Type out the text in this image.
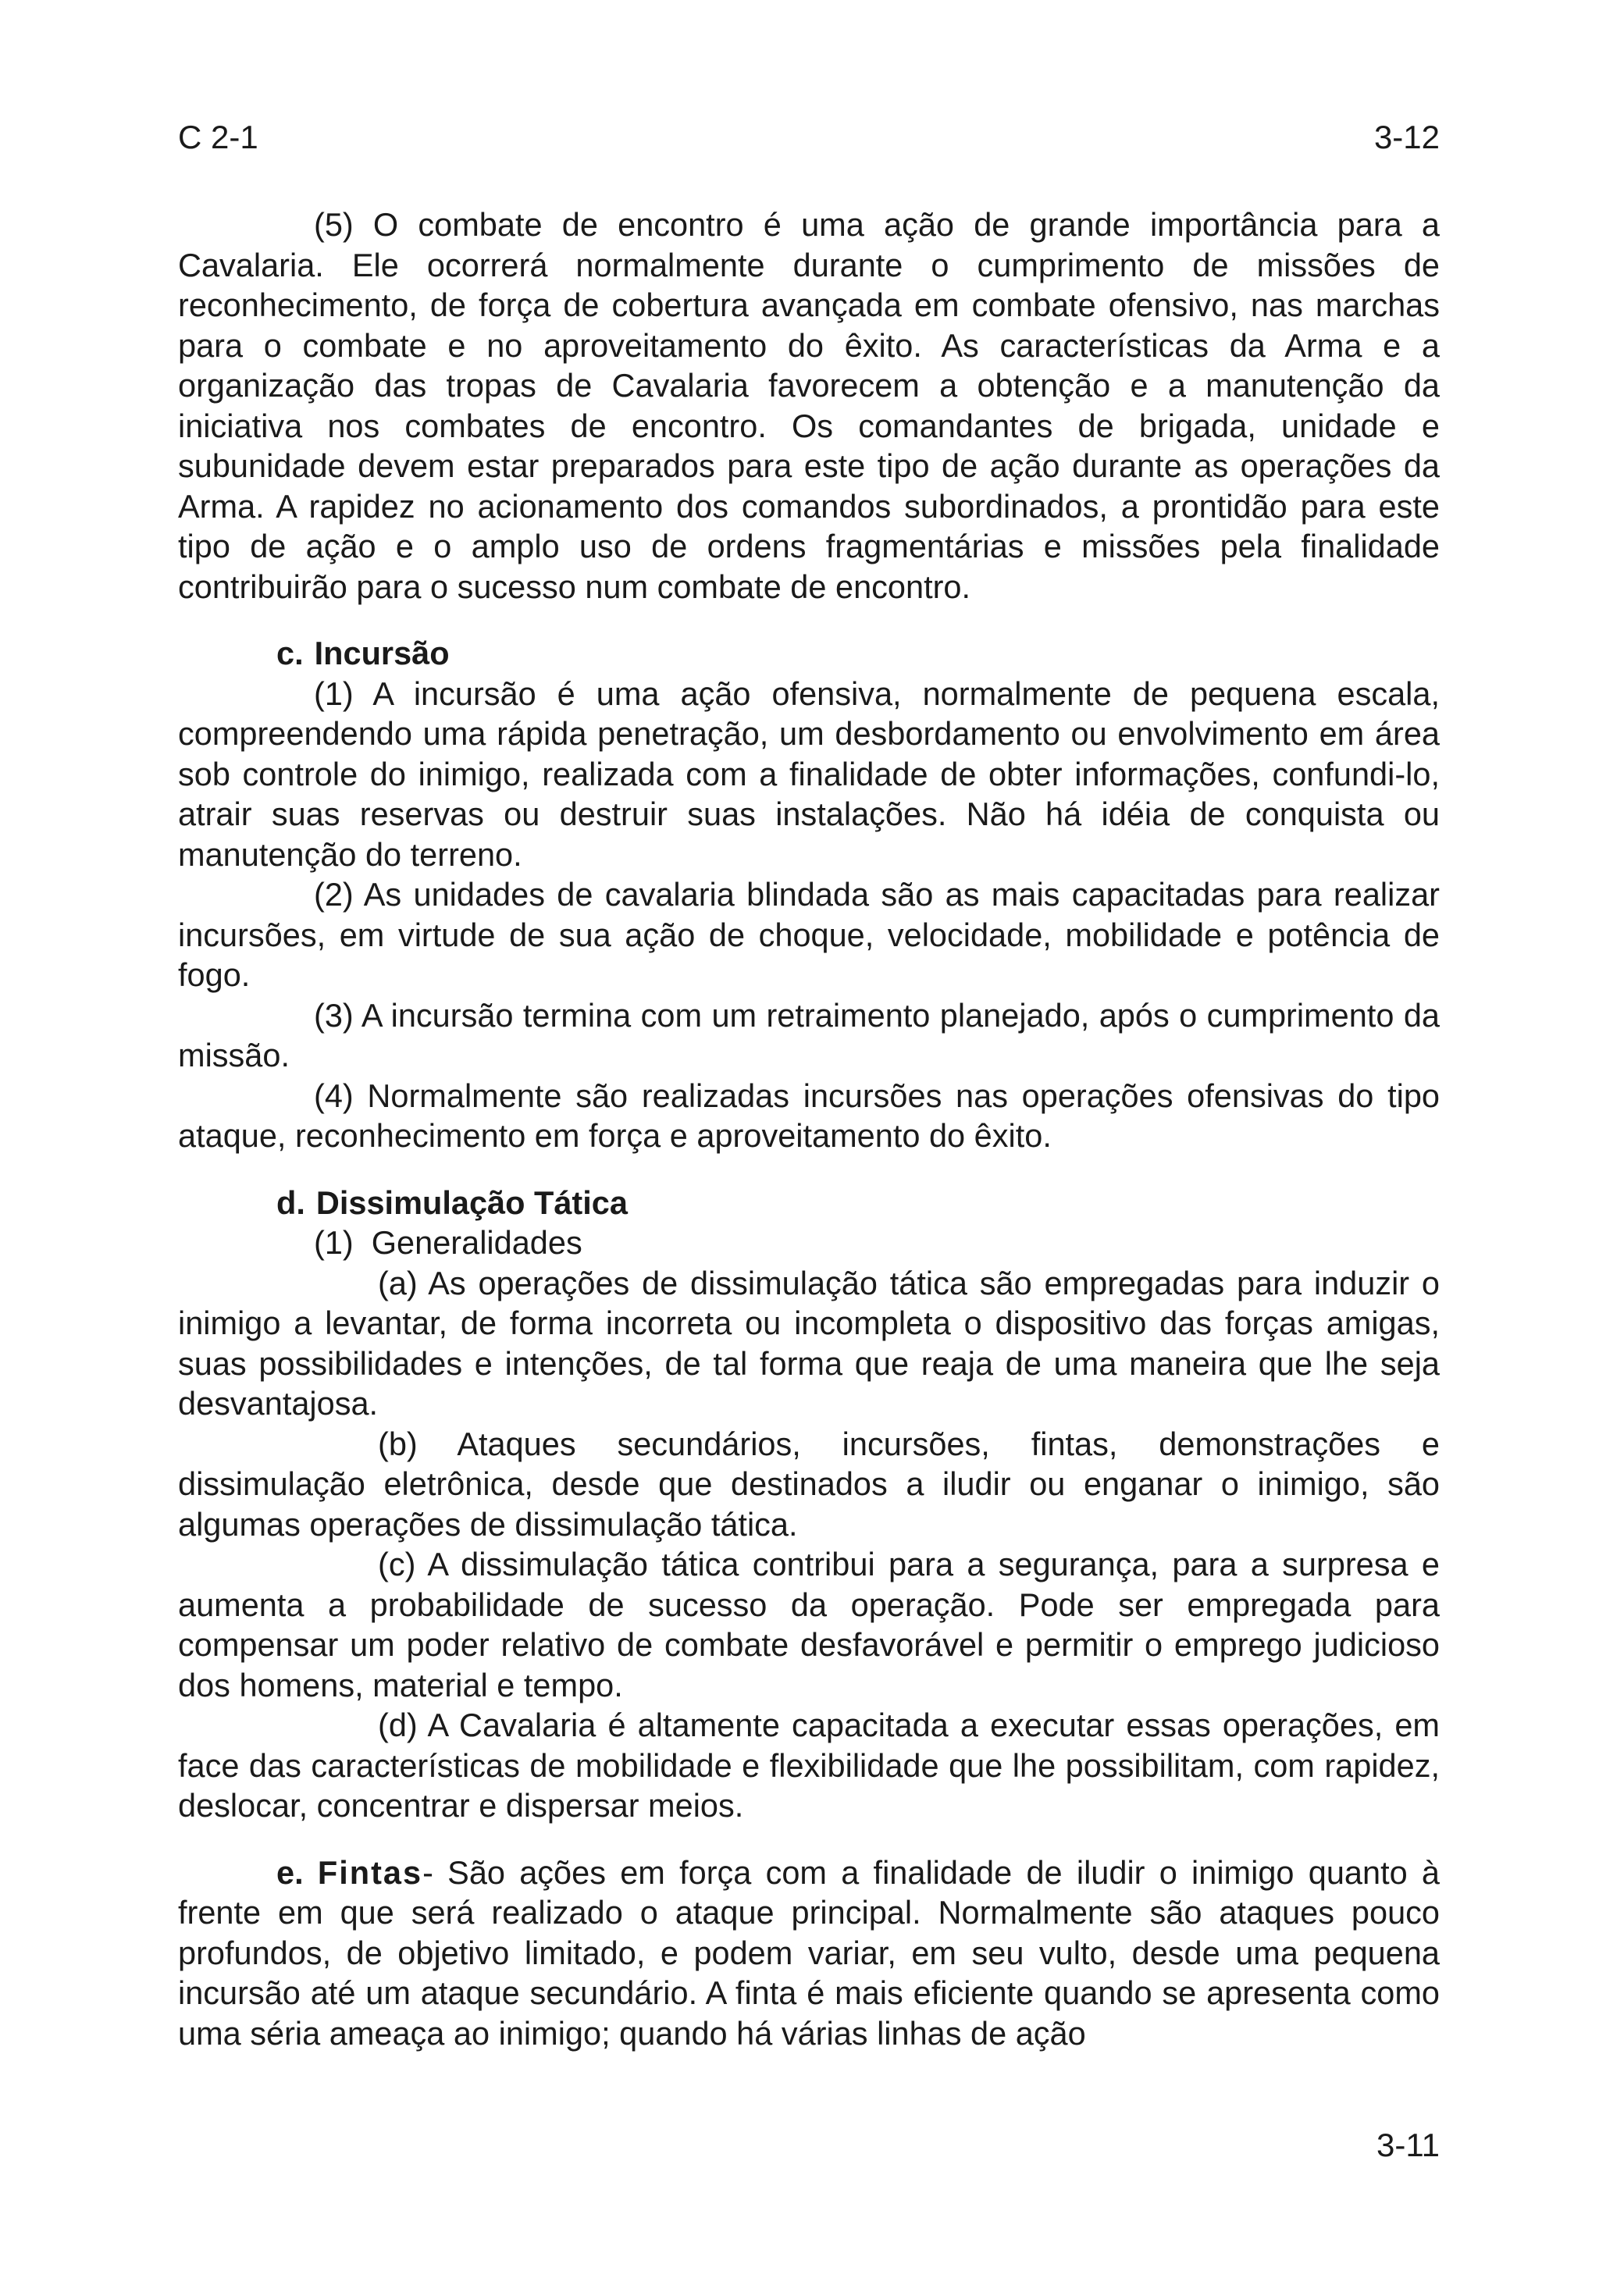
C 2-1	3-12

(5) O combate de encontro é uma ação de grande importância para a Cavalaria. Ele ocorrerá normalmente durante o cumprimento de missões de reconhecimento, de força de cobertura avançada em combate ofensivo, nas marchas para o combate e no aproveitamento do êxito. As características da Arma e a organização das tropas de Cavalaria favorecem a obtenção e a manutenção da iniciativa nos combates de encontro. Os comandantes de brigada, unidade e subunidade devem estar preparados para este tipo de ação durante as operações da Arma. A rapidez no acionamento dos comandos subordinados, a prontidão para este tipo de ação e o amplo uso de ordens fragmentárias e missões pela finalidade contribuirão para o sucesso num combate de encontro.

c. Incursão

(1) A incursão é uma ação ofensiva, normalmente de pequena escala, compreendendo uma rápida penetração, um desbordamento ou envolvimento em área sob controle do inimigo, realizada com a finalidade de obter informações, confundi-lo, atrair suas reservas ou destruir suas instalações. Não há idéia de conquista ou manutenção do terreno.

(2) As unidades de cavalaria blindada são as mais capacitadas para realizar incursões, em virtude de sua ação de choque, velocidade, mobilidade e potência de fogo.

(3) A incursão termina com um retraimento planejado, após o cumprimento da missão.

(4) Normalmente são realizadas incursões nas operações ofensivas do tipo ataque, reconhecimento em força e aproveitamento do êxito.

d. Dissimulação Tática

(1)  Generalidades

(a) As operações de dissimulação tática são empregadas para induzir o inimigo a levantar, de forma incorreta ou incompleta o dispositivo das forças amigas, suas possibilidades e intenções, de tal forma que reaja de uma maneira que lhe seja desvantajosa.

(b) Ataques secundários, incursões, fintas, demonstrações e dissimulação eletrônica, desde que destinados a iludir ou enganar o inimigo, são algumas operações de dissimulação tática.

(c) A dissimulação tática contribui para a segurança, para a surpresa e aumenta a probabilidade de sucesso da operação. Pode ser empregada para compensar um poder relativo de combate desfavorável e permitir o emprego judicioso dos homens, material e tempo.

(d) A Cavalaria é altamente capacitada a executar essas operações, em face das características de mobilidade e flexibilidade que lhe possibilitam, com rapidez, deslocar, concentrar e dispersar meios.

e. Fintas- São ações em força com a finalidade de iludir o inimigo quanto à frente em que será realizado o ataque principal. Normalmente são ataques pouco profundos, de objetivo limitado, e podem variar, em seu vulto, desde uma pequena incursão até um ataque secundário. A finta é mais eficiente quando se apresenta como uma séria ameaça ao inimigo; quando há várias linhas de ação

3-11
